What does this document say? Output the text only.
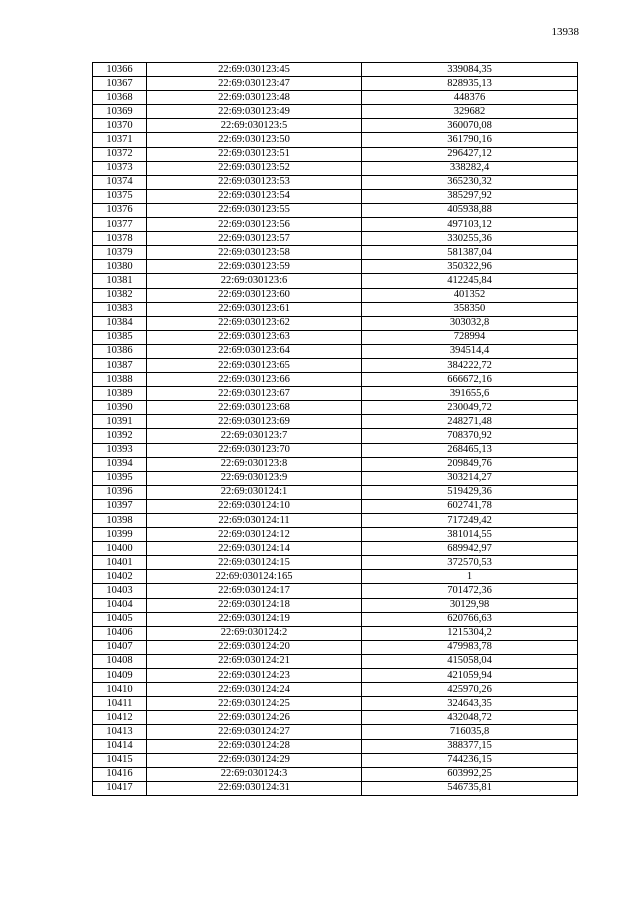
13938
10366	22:69:030123:45	339084,35
10367	22:69:030123:47	828935,13
10368	22:69:030123:48	448376
10369	22:69:030123:49	329682
10370	22:69:030123:5	360070,08
10371	22:69:030123:50	361790,16
10372	22:69:030123:51	296427,12
10373	22:69:030123:52	338282,4
10374	22:69:030123:53	365230,32
10375	22:69:030123:54	385297,92
10376	22:69:030123:55	405938,88
10377	22:69:030123:56	497103,12
10378	22:69:030123:57	330255,36
10379	22:69:030123:58	581387,04
10380	22:69:030123:59	350322,96
10381	22:69:030123:6	412245,84
10382	22:69:030123:60	401352
10383	22:69:030123:61	358350
10384	22:69:030123:62	303032,8
10385	22:69:030123:63	728994
10386	22:69:030123:64	394514,4
10387	22:69:030123:65	384222,72
10388	22:69:030123:66	666672,16
10389	22:69:030123:67	391655,6
10390	22:69:030123:68	230049,72
10391	22:69:030123:69	248271,48
10392	22:69:030123:7	708370,92
10393	22:69:030123:70	268465,13
10394	22:69:030123:8	209849,76
10395	22:69:030123:9	303214,27
10396	22:69:030124:1	519429,36
10397	22:69:030124:10	602741,78
10398	22:69:030124:11	717249,42
10399	22:69:030124:12	381014,55
10400	22:69:030124:14	689942,97
10401	22:69:030124:15	372570,53
10402	22:69:030124:165	1
10403	22:69:030124:17	701472,36
10404	22:69:030124:18	30129,98
10405	22:69:030124:19	620766,63
10406	22:69:030124:2	1215304,2
10407	22:69:030124:20	479983,78
10408	22:69:030124:21	415058,04
10409	22:69:030124:23	421059,94
10410	22:69:030124:24	425970,26
10411	22:69:030124:25	324643,35
10412	22:69:030124:26	432048,72
10413	22:69:030124:27	716035,8
10414	22:69:030124:28	388377,15
10415	22:69:030124:29	744236,15
10416	22:69:030124:3	603992,25
10417	22:69:030124:31	546735,81
